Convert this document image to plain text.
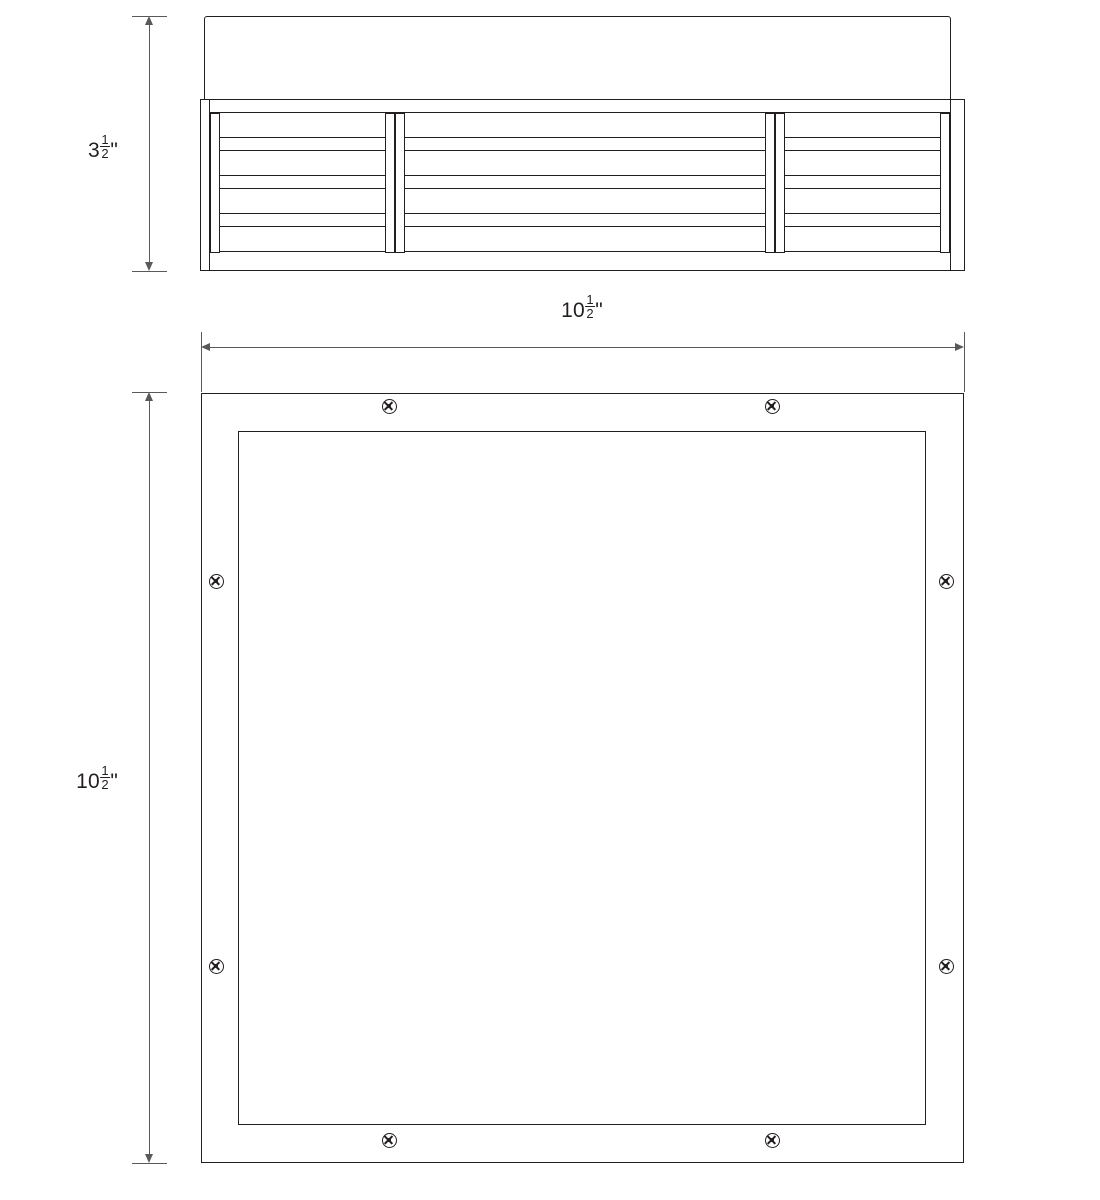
$3 \frac{1}{2}$ "
$10 \frac{1}{2}$ "
$10 \frac{1}{2}$ "
